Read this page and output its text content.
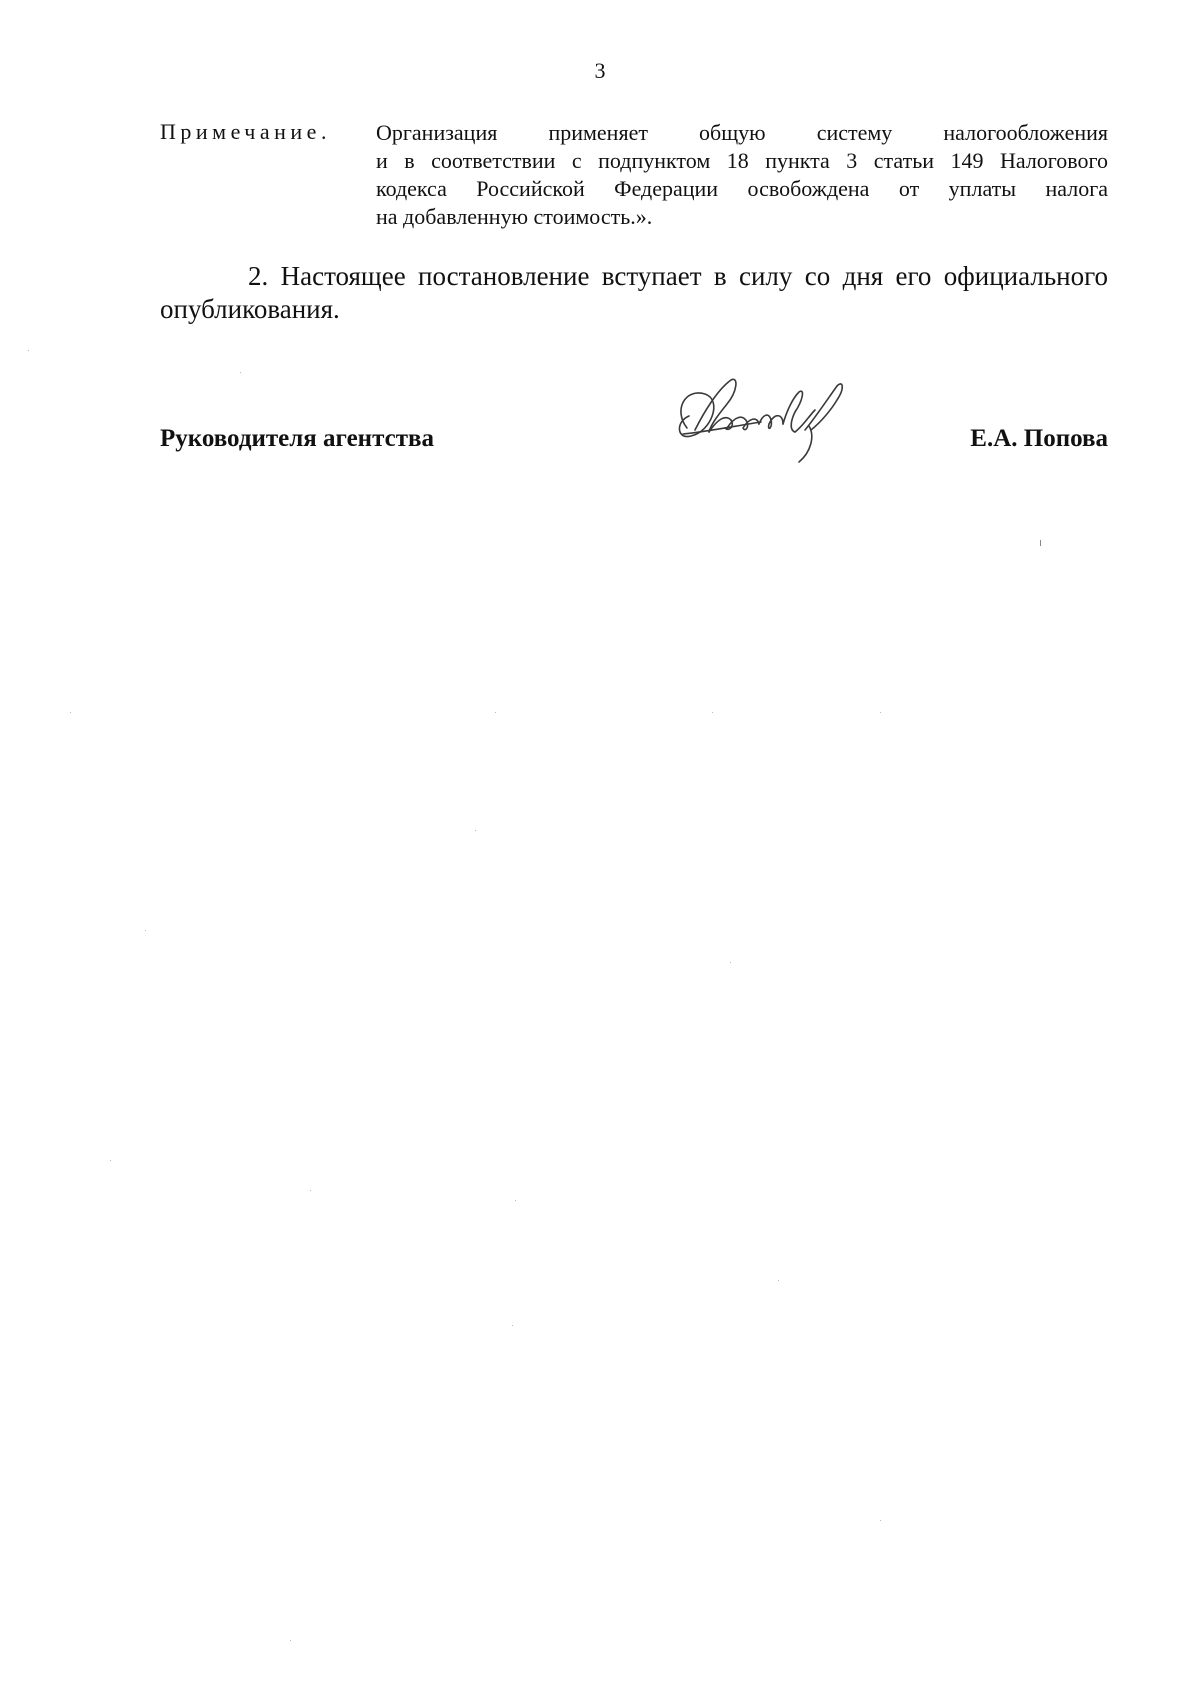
3
Примечание. Организация применяет общую систему налогообложения
и в соответствии с подпунктом 18 пункта 3 статьи 149 Налогового
кодекса Российской Федерации освобождена от уплаты налога
на добавленную стоимость.».
2. Настоящее постановление вступает в силу со дня его официального
опубликования.
Руководителя агентства	Е.А. Попова
